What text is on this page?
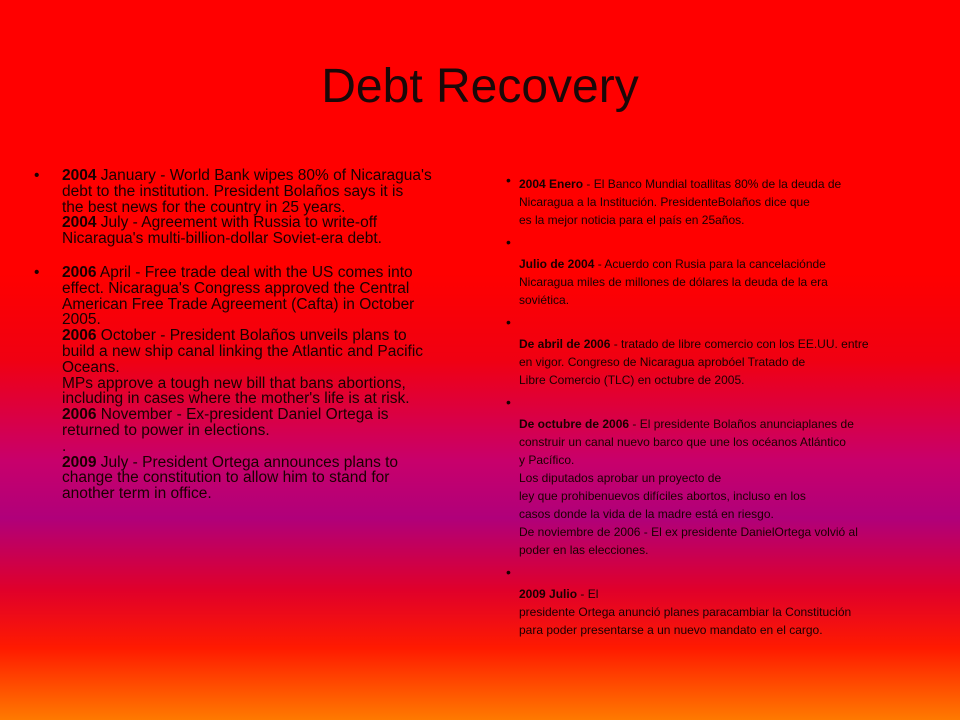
Debt Recovery
• 2004 January - World Bank wipes 80% of Nicaragua's
debt to the institution. President Bolaños says it is
the best news for the country in 25 years.
2004 July - Agreement with Russia to write-off
Nicaragua's multi-billion-dollar Soviet-era debt.
• 2006 April - Free trade deal with the US comes into
effect. Nicaragua's Congress approved the Central
American Free Trade Agreement (Cafta) in October
2005.
2006 October - President Bolaños unveils plans to
build a new ship canal linking the Atlantic and Pacific
Oceans.
MPs approve a tough new bill that bans abortions,
including in cases where the mother's life is at risk.
2006 November - Ex-president Daniel Ortega is
returned to power in elections.
.
2009 July - President Ortega announces plans to
change the constitution to allow him to stand for
another term in office.
• 2004 Enero - El Banco Mundial toallitas 80% de la deuda de
Nicaragua a la Institución. PresidenteBolaños dice que
es la mejor noticia para el país en 25años.
•
Julio de 2004 - Acuerdo con Rusia para la cancelaciónde
Nicaragua miles de millones de dólares la deuda de la era
soviética.
•
De abril de 2006 - tratado de libre comercio con los EE.UU. entre
en vigor. Congreso de Nicaragua aprobóel Tratado de
Libre Comercio (TLC) en octubre de 2005.
•
De octubre de 2006 - El presidente Bolaños anunciaplanes de
construir un canal nuevo barco que une los océanos Atlántico
y Pacífico.
Los diputados aprobar un proyecto de
ley que prohibenuevos difíciles abortos, incluso en los
casos donde la vida de la madre está en riesgo.
De noviembre de 2006 - El ex presidente DanielOrtega volvió al
poder en las elecciones.
•
2009 Julio - El
presidente Ortega anunció planes paracambiar la Constitución
para poder presentarse a un nuevo mandato en el cargo.
